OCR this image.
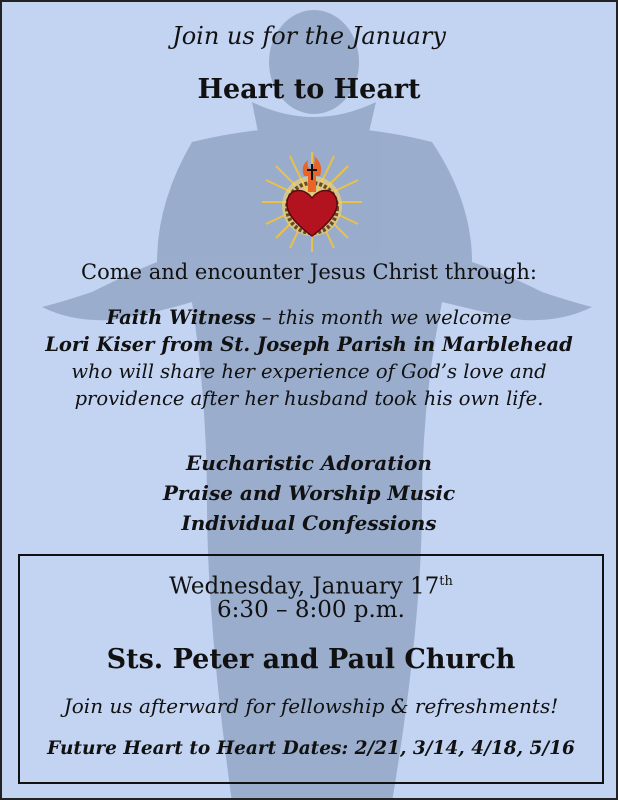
Join us for the January
Heart to Heart
Come and encounter Jesus Christ through:
Faith Witness – this month we welcome
Lori Kiser from St. Joseph Parish in Marblehead
who will share her experience of God’s love and
providence after her husband took his own life.
Eucharistic Adoration
Praise and Worship Music
Individual Confessions
Wednesday, January 17th
6:30 – 8:00 p.m.
Sts. Peter and Paul Church
Join us afterward for fellowship & refreshments!
Future Heart to Heart Dates: 2/21, 3/14, 4/18, 5/16
